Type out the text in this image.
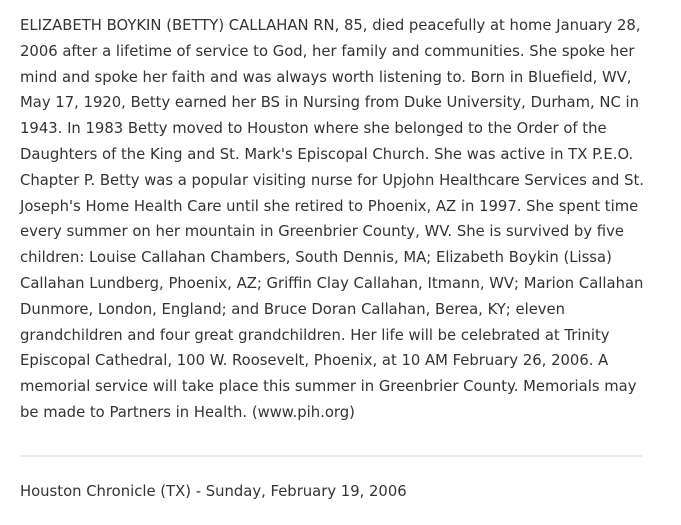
ELIZABETH BOYKIN (BETTY) CALLAHAN RN, 85, died peacefully at home January 28, 2006 after a lifetime of service to God, her family and communities. She spoke her mind and spoke her faith and was always worth listening to. Born in Bluefield, WV, May 17, 1920, Betty earned her BS in Nursing from Duke University, Durham, NC in 1943. In 1983 Betty moved to Houston where she belonged to the Order of the Daughters of the King and St. Mark's Episcopal Church. She was active in TX P.E.O. Chapter P. Betty was a popular visiting nurse for Upjohn Healthcare Services and St. Joseph's Home Health Care until she retired to Phoenix, AZ in 1997. She spent time every summer on her mountain in Greenbrier County, WV. She is survived by five children: Louise Callahan Chambers, South Dennis, MA; Elizabeth Boykin (Lissa) Callahan Lundberg, Phoenix, AZ; Griffin Clay Callahan, Itmann, WV; Marion Callahan Dunmore, London, England; and Bruce Doran Callahan, Berea, KY; eleven grandchildren and four great grandchildren. Her life will be celebrated at Trinity Episcopal Cathedral, 100 W. Roosevelt, Phoenix, at 10 AM February 26, 2006. A memorial service will take place this summer in Greenbrier County. Memorials may be made to Partners in Health. (www.pih.org)

Houston Chronicle (TX) - Sunday, February 19, 2006
